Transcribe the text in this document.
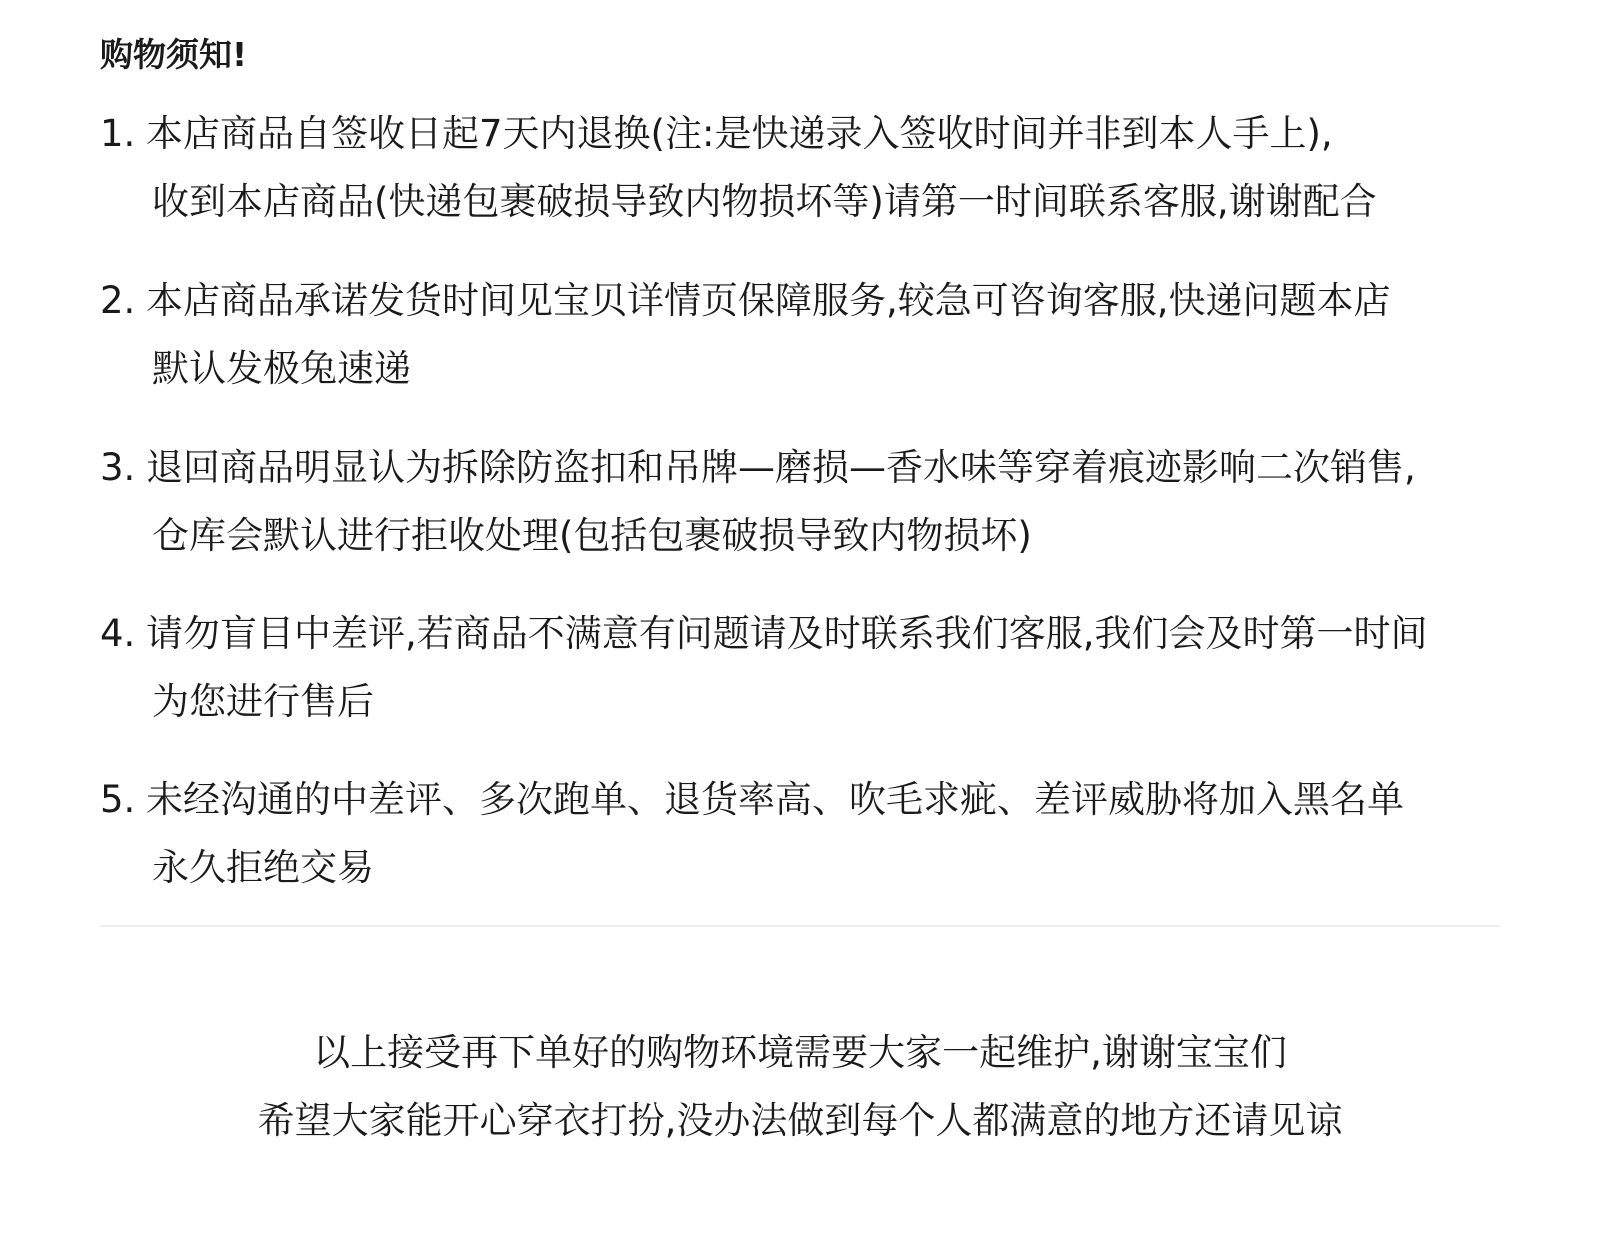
购物须知!
1. 本店商品自签收日起7天内退换(注:是快递录入签收时间并非到本人手上),
收到本店商品(快递包裹破损导致内物损坏等)请第一时间联系客服,谢谢配合
2. 本店商品承诺发货时间见宝贝详情页保障服务,较急可咨询客服,快递问题本店
默认发极兔速递
3. 退回商品明显认为拆除防盗扣和吊牌—磨损—香水味等穿着痕迹影响二次销售,
仓库会默认进行拒收处理(包括包裹破损导致内物损坏)
4. 请勿盲目中差评,若商品不满意有问题请及时联系我们客服,我们会及时第一时间
为您进行售后
5. 未经沟通的中差评、多次跑单、退货率高、吹毛求疵、差评威胁将加入黑名单
永久拒绝交易
以上接受再下单好的购物环境需要大家一起维护,谢谢宝宝们
希望大家能开心穿衣打扮,没办法做到每个人都满意的地方还请见谅
